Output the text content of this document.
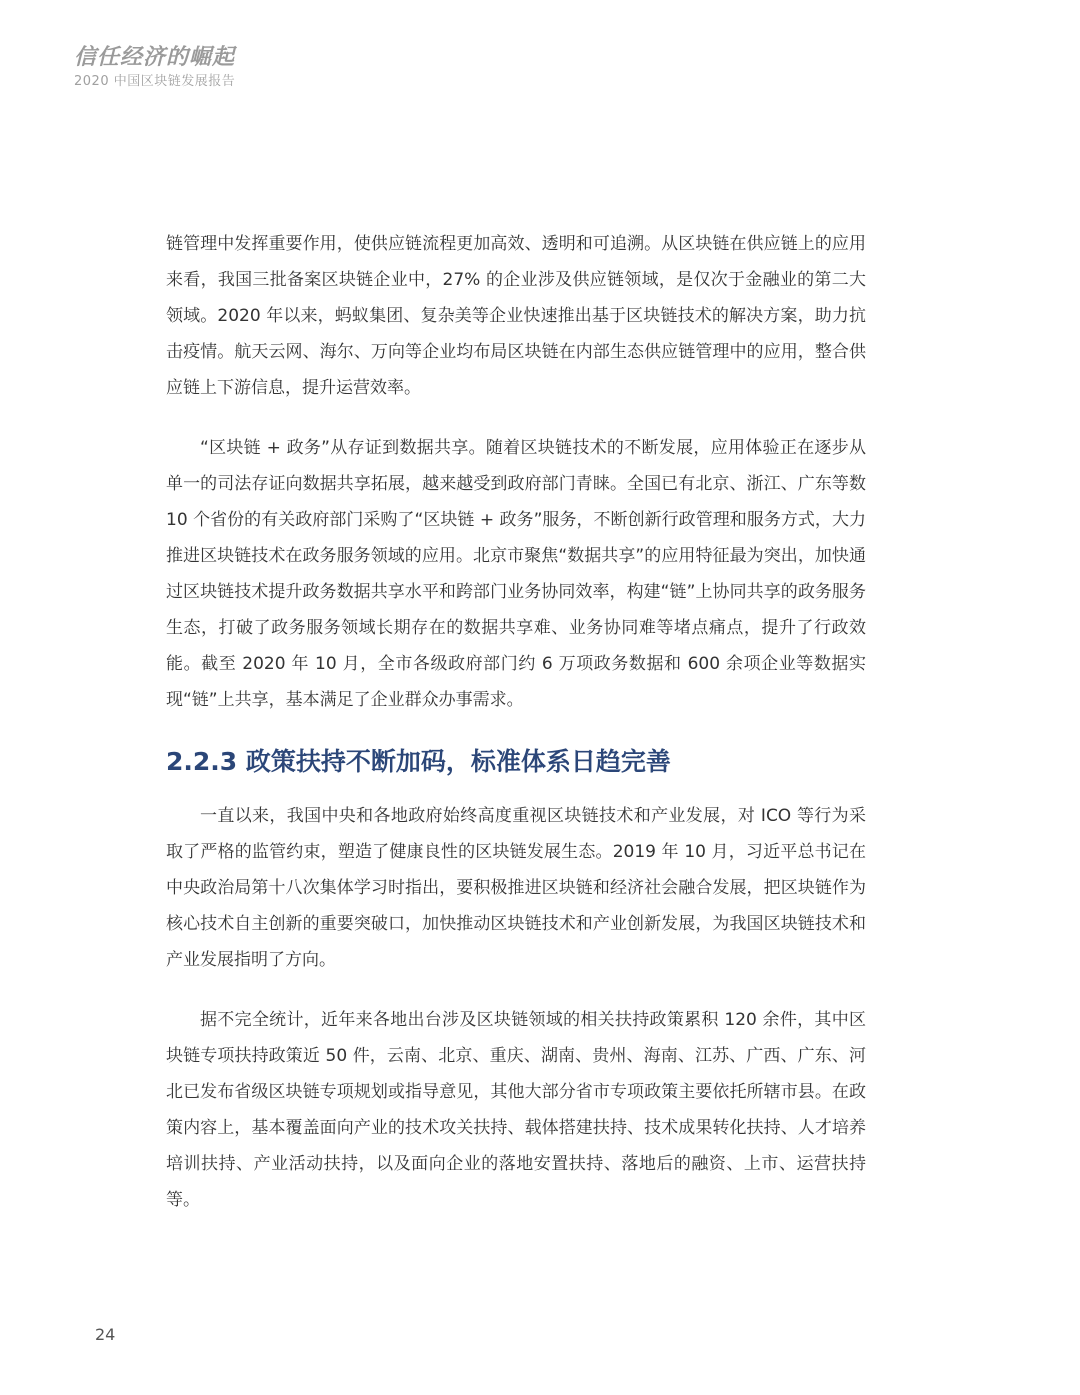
信任经济的崛起
2020 中国区块链发展报告

链管理中发挥重要作用，使供应链流程更加高效、透明和可追溯。从区块链在供应链上的应用来看，我国三批备案区块链企业中，27% 的企业涉及供应链领域，是仅次于金融业的第二大领域。2020 年以来，蚂蚁集团、复杂美等企业快速推出基于区块链技术的解决方案，助力抗击疫情。航天云网、海尔、万向等企业均布局区块链在内部生态供应链管理中的应用，整合供应链上下游信息，提升运营效率。

“区块链 + 政务”从存证到数据共享。随着区块链技术的不断发展，应用体验正在逐步从单一的司法存证向数据共享拓展，越来越受到政府部门青睐。全国已有北京、浙江、广东等数 10 个省份的有关政府部门采购了“区块链 + 政务”服务，不断创新行政管理和服务方式，大力推进区块链技术在政务服务领域的应用。北京市聚焦“数据共享”的应用特征最为突出，加快通过区块链技术提升政务数据共享水平和跨部门业务协同效率，构建“链”上协同共享的政务服务生态，打破了政务服务领域长期存在的数据共享难、业务协同难等堵点痛点，提升了行政效能。截至 2020 年 10 月，全市各级政府部门约 6 万项政务数据和 600 余项企业等数据实现“链”上共享，基本满足了企业群众办事需求。

2.2.3 政策扶持不断加码，标准体系日趋完善

一直以来，我国中央和各地政府始终高度重视区块链技术和产业发展，对 ICO 等行为采取了严格的监管约束，塑造了健康良性的区块链发展生态。2019 年 10 月，习近平总书记在中央政治局第十八次集体学习时指出，要积极推进区块链和经济社会融合发展，把区块链作为核心技术自主创新的重要突破口，加快推动区块链技术和产业创新发展，为我国区块链技术和产业发展指明了方向。

据不完全统计，近年来各地出台涉及区块链领域的相关扶持政策累积 120 余件，其中区块链专项扶持政策近 50 件，云南、北京、重庆、湖南、贵州、海南、江苏、广西、广东、河北已发布省级区块链专项规划或指导意见，其他大部分省市专项政策主要依托所辖市县。在政策内容上，基本覆盖面向产业的技术攻关扶持、载体搭建扶持、技术成果转化扶持、人才培养培训扶持、产业活动扶持，以及面向企业的落地安置扶持、落地后的融资、上市、运营扶持等。

24
